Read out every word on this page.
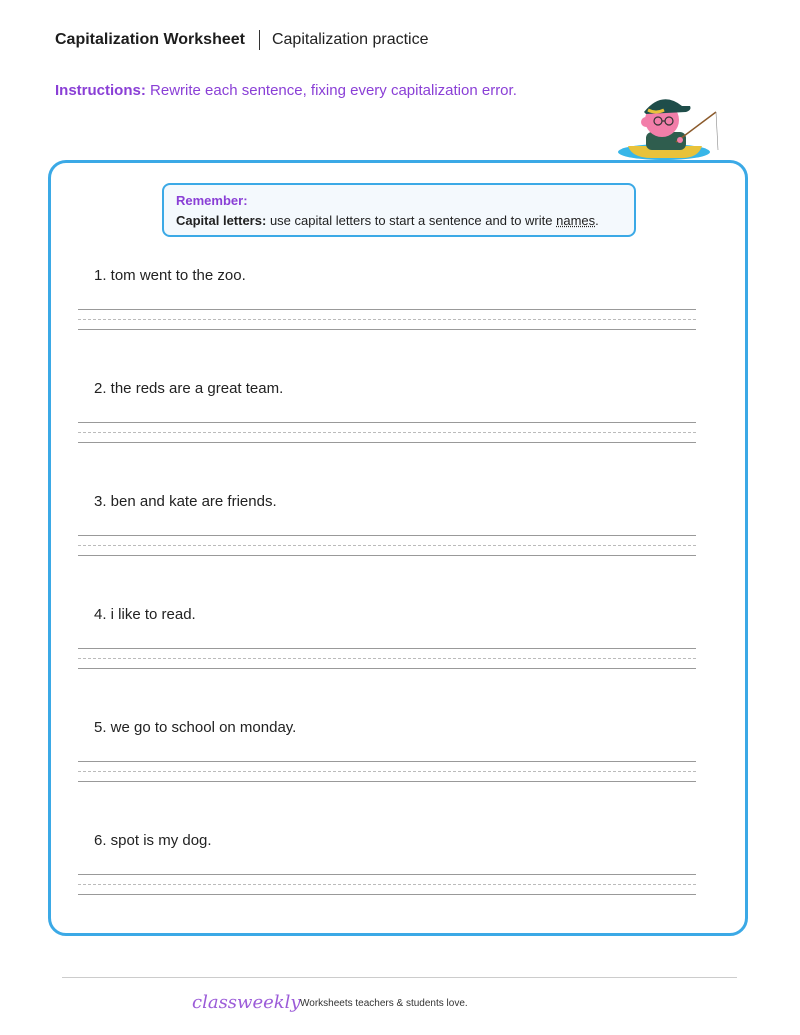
Capitalization Worksheet Capitalization practice
Instructions: Rewrite each sentence, fixing every capitalization error.
Remember:
Capital letters: use capital letters to start a sentence and to write names.
1. tom went to the zoo.
2. the reds are a great team.
3. ben and kate are friends.
4. i like to read.
5. we go to school on monday.
6. spot is my dog.
classweekly Worksheets teachers & students love.
